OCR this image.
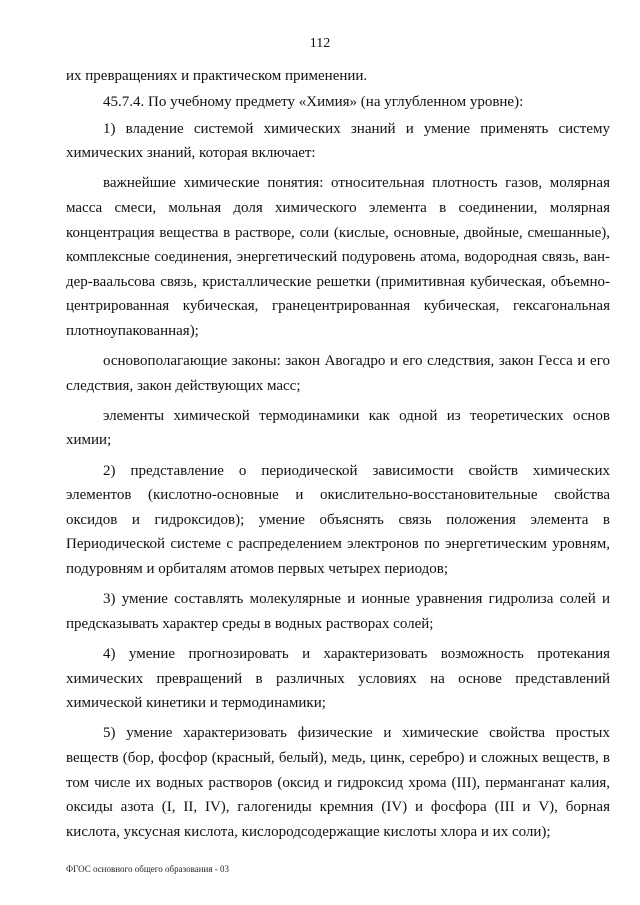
112

их превращениях и практическом применении.

45.7.4. По учебному предмету «Химия» (на углубленном уровне):

1) владение системой химических знаний и умение применять систему химических знаний, которая включает:

важнейшие химические понятия: относительная плотность газов, молярная масса смеси, мольная доля химического элемента в соединении, молярная концентрация вещества в растворе, соли (кислые, основные, двойные, смешанные), комплексные соединения, энергетический подуровень атома, водородная связь, ван-дер-ваальсова связь, кристаллические решетки (примитивная кубическая, объемно-центрированная кубическая, гранецентрированная кубическая, гексагональная плотноупакованная);

основополагающие законы: закон Авогадро и его следствия, закон Гесса и его следствия, закон действующих масс;

элементы химической термодинамики как одной из теоретических основ химии;

2) представление о периодической зависимости свойств химических элементов (кислотно-основные и окислительно-восстановительные свойства оксидов и гидроксидов); умение объяснять связь положения элемента в Периодической системе с распределением электронов по энергетическим уровням, подуровням и орбиталям атомов первых четырех периодов;

3) умение составлять молекулярные и ионные уравнения гидролиза солей и предсказывать характер среды в водных растворах солей;

4) умение прогнозировать и характеризовать возможность протекания химических превращений в различных условиях на основе представлений химической кинетики и термодинамики;

5) умение характеризовать физические и химические свойства простых веществ (бор, фосфор (красный, белый), медь, цинк, серебро) и сложных веществ, в том числе их водных растворов (оксид и гидроксид хрома (III), перманганат калия, оксиды азота (I, II, IV), галогениды кремния (IV) и фосфора (III и V), борная кислота, уксусная кислота, кислородсодержащие кислоты хлора и их соли);

ФГОС основного общего образования - 03
